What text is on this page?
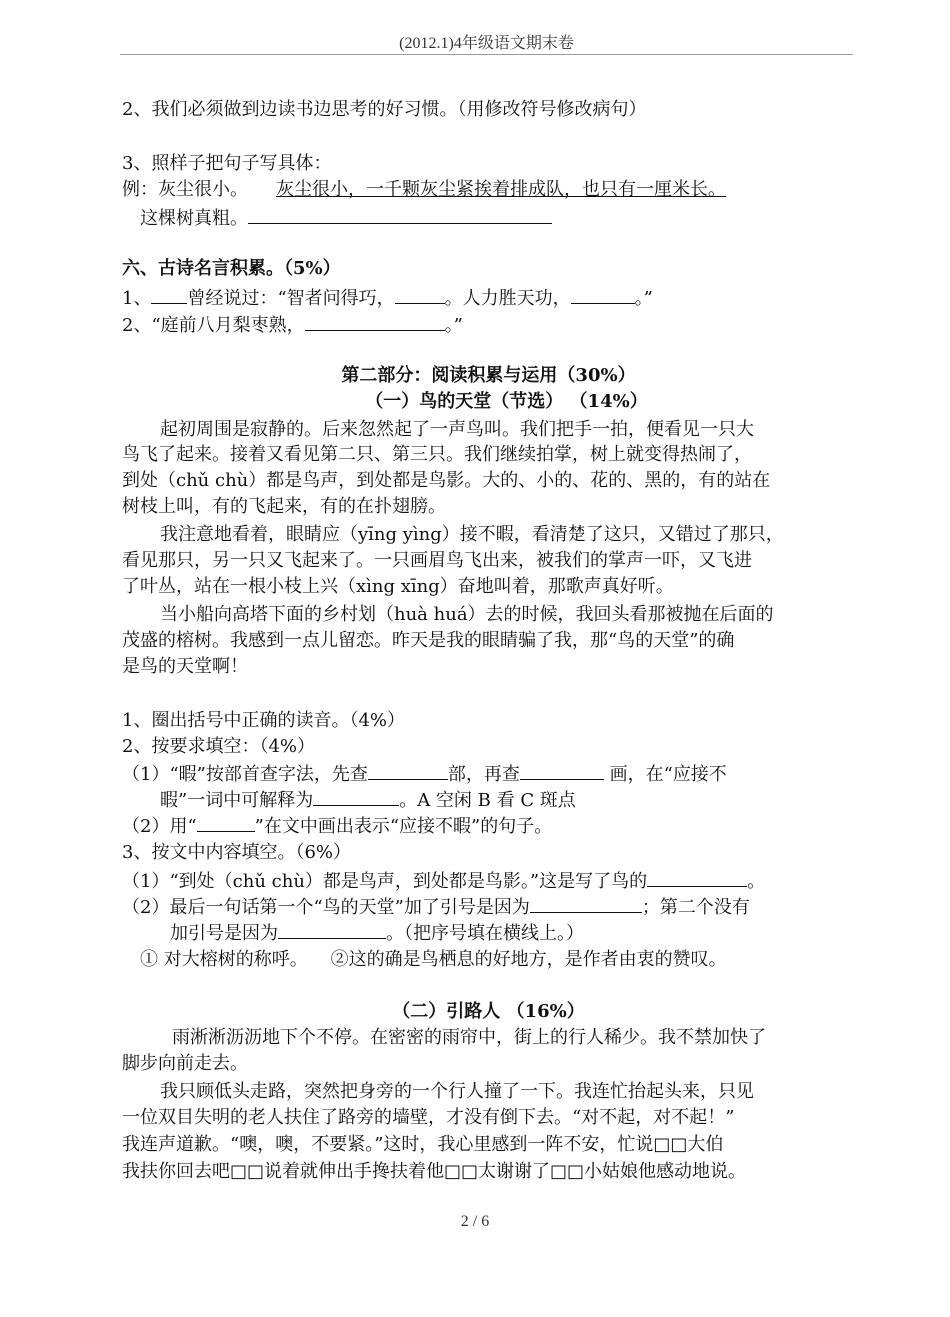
(2012.1)4年级语文期末卷
2、我们必须做到边读书边思考的好习惯。（用修改符号修改病句）
3、照样子把句子写具体：
例：灰尘很小。 灰尘很小，一千颗灰尘紧挨着排成队，也只有一厘米长。
这棵树真粗。
六、古诗名言积累。（5%）
1、 曾经说过：“智者问得巧，	。人力胜天功，	。”
2、“庭前八月梨枣熟，	。”
第二部分：阅读积累与运用（30%）
（一）鸟的天堂（节选） （14%）
起初周围是寂静的。后来忽然起了一声鸟叫。我们把手一拍，便看见一只大
鸟飞了起来。接着又看见第二只、第三只。我们继续拍掌，树上就变得热闹了，
到处（chǔ chù）都是鸟声，到处都是鸟影。大的、小的、花的、黑的，有的站在
树枝上叫，有的飞起来，有的在扑翅膀。
我注意地看着，眼睛应（yīng yìng）接不暇，看清楚了这只，又错过了那只，
看见那只，另一只又飞起来了。一只画眉鸟飞出来，被我们的掌声一吓，又飞进
了叶丛，站在一根小枝上兴（xìng xīng）奋地叫着，那歌声真好听。
当小船向高塔下面的乡村划（huà huá）去的时候，我回头看那被抛在后面的
茂盛的榕树。我感到一点儿留恋。昨天是我的眼睛骗了我，那“鸟的天堂”的确
是鸟的天堂啊！
1、圈出括号中正确的读音。（4%）
2、按要求填空：（4%）
（1）“暇”按部首查字法，先查	部，再查	画，在“应接不
暇”一词中可解释为	。A 空闲 B 看 C 斑点
（2）用“	”在文中画出表示“应接不暇”的句子。
3、按文中内容填空。（6%）
（1）“到处（chǔ chù）都是鸟声，到处都是鸟影。”这是写了鸟的	。
（2）最后一句话第一个“鸟的天堂”加了引号是因为	；第二个没有
加引号是因为	。（把序号填在横线上。）
① 对大榕树的称呼。    ②这的确是鸟栖息的好地方，是作者由衷的赞叹。
（二）引路人 （16%）
雨淅淅沥沥地下个不停。在密密的雨帘中，街上的行人稀少。我不禁加快了
脚步向前走去。
我只顾低头走路，突然把身旁的一个行人撞了一下。我连忙抬起头来，只见
一位双目失明的老人扶住了路旁的墙壁，才没有倒下去。“对不起，对不起！”
我连声道歉。“噢，噢，不要紧。”这时，我心里感到一阵不安，忙说□□大伯
我扶你回去吧□□说着就伸出手搀扶着他□□太谢谢了□□小姑娘他感动地说。
2 / 6
